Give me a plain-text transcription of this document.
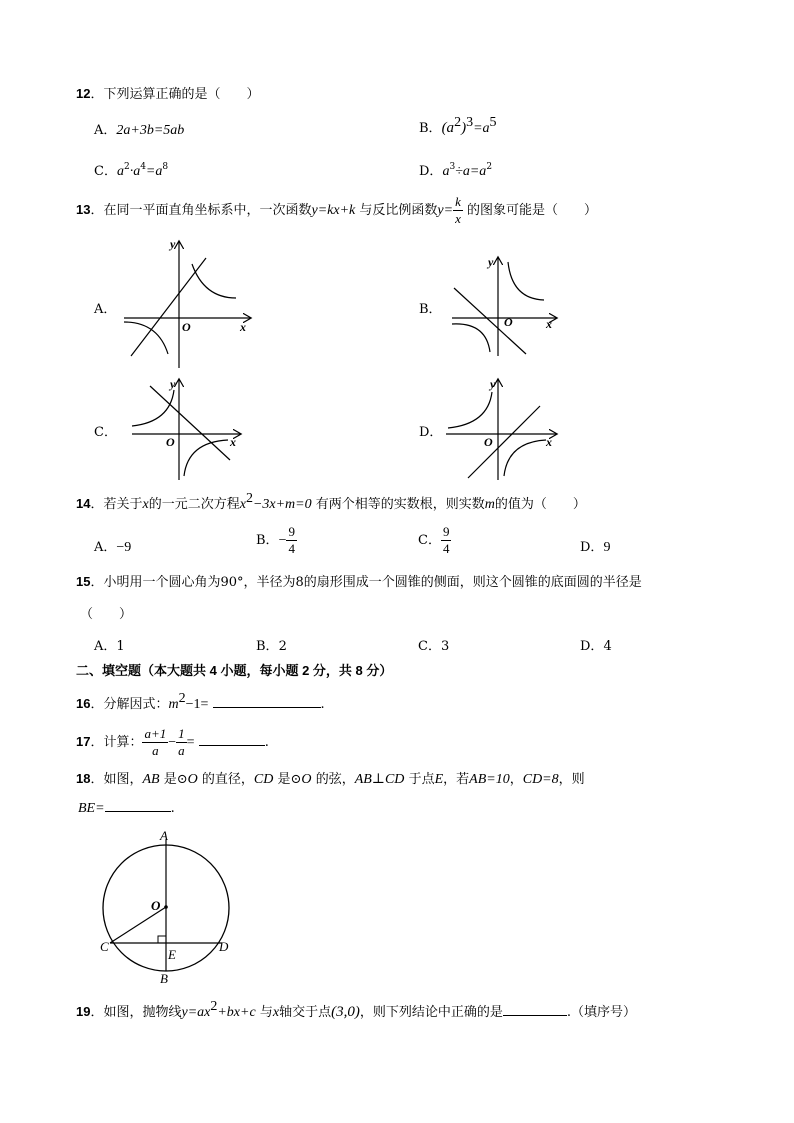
12．下列运算正确的是（　　）
A．2a+3b=5ab	B．$(a^2)^3=a^5$
C．$a^2\cdot a^4=a^8$	D．$a^3\div a=a^2$
13．在同一平面直角坐标系中，一次函数y=kx+k 与反比例函数$y= \frac{k}{x}$ 的图象可能是（　　）
A．	B．
C．	D．
y
x
O
y
x
O
y
x
O
y
x
O
14．若关于x的一元二次方程$x^2-3x+m=0$ 有两个相等的实数根，则实数m的值为（　　）
A．−9	B．− $\frac{9}{4}$	C． $\frac{9}{4}$	D．9
15．小明用一个圆心角为90°，半径为8的扇形围成一个圆锥的侧面，则这个圆锥的底面圆的半径是
（　　）
A．1	B．2	C．3	D．4
二、填空题（本大题共 4 小题，每小题 2 分，共 8 分）
16．分解因式：$m^2-1=$	.
17．计算： $\frac{a+1}{a} - \frac{1}{a}$ =	.
18．如图，AB 是⊙O 的直径，CD 是⊙O 的弦，AB⊥CD 于点E，若AB=10，CD=8，则
BE=	.
A
O
C	D
E
B
19．如图，抛物线$y=ax^2+bx+c$ 与x轴交于点(3,0)，则下列结论中正确的是	.（填序号）
